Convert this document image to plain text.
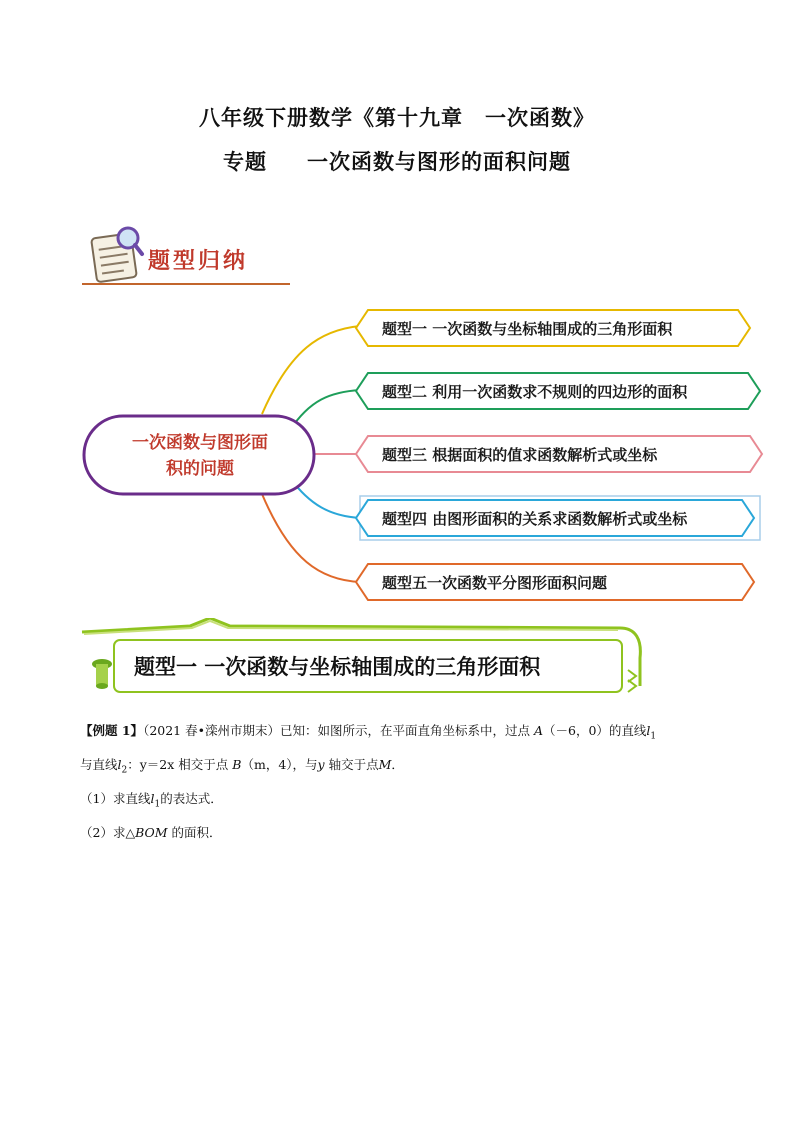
八年级下册数学《第十九章　一次函数》
专题 一次函数与图形的面积问题
题型归纳
一次函数与图形面
积的问题
题型一 一次函数与坐标轴围成的三角形面积
题型二 利用一次函数求不规则的四边形的面积
题型三 根据面积的值求函数解析式或坐标
题型四 由图形面积的关系求函数解析式或坐标
题型五一次函数平分图形面积问题
题型一 一次函数与坐标轴围成的三角形面积
【例题 1】（2021 春•滦州市期末）已知：如图所示，在平面直角坐标系中，过点 A（－6，0）的直线$l_1$
与直线$l_2$：y＝2x 相交于点 B（m，4），与y 轴交于点M．
（1）求直线$l_1$的表达式．
（2）求△BOM 的面积．
